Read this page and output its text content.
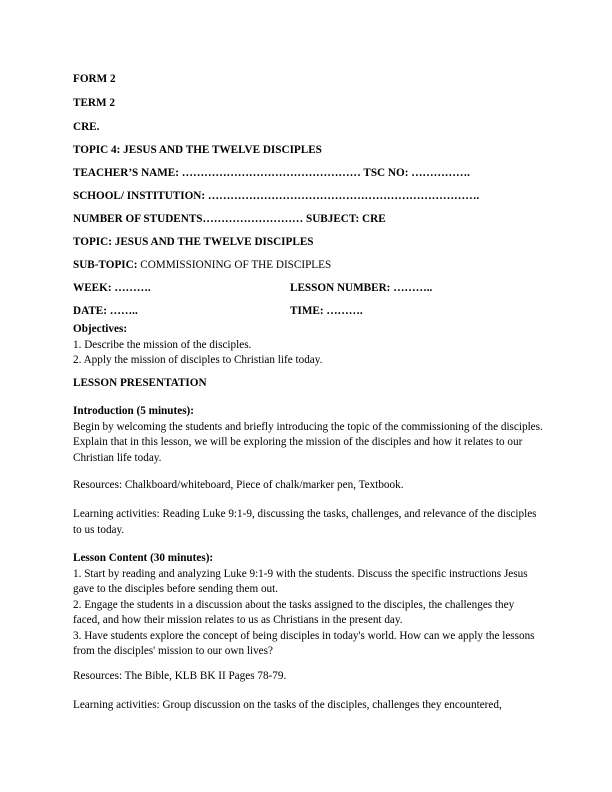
FORM 2
TERM 2
CRE.
TOPIC 4: JESUS AND THE TWELVE DISCIPLES
TEACHER’S NAME: ………………………………………… TSC NO: …………….
SCHOOL/ INSTITUTION: ……………………………………………………………….
NUMBER OF STUDENTS……………………… SUBJECT: CRE
TOPIC: JESUS AND THE TWELVE DISCIPLES
SUB-TOPIC: COMMISSIONING OF THE DISCIPLES
WEEK: ……….	LESSON NUMBER: ………..
DATE: ……..	TIME: ……….

Objectives:

1. Describe the mission of the disciples.

2. Apply the mission of disciples to Christian life today.

LESSON PRESENTATION

Introduction (5 minutes):

Begin by welcoming the students and briefly introducing the topic of the commissioning of the disciples. Explain that in this lesson, we will be exploring the mission of the disciples and how it relates to our Christian life today.

Resources: Chalkboard/whiteboard, Piece of chalk/marker pen, Textbook.
Learning activities: Reading Luke 9:1-9, discussing the tasks, challenges, and relevance of the disciples to us today.

Lesson Content (30 minutes):

1. Start by reading and analyzing Luke 9:1-9 with the students. Discuss the specific instructions Jesus gave to the disciples before sending them out.

2. Engage the students in a discussion about the tasks assigned to the disciples, the challenges they faced, and how their mission relates to us as Christians in the present day.

3. Have students explore the concept of being disciples in today's world. How can we apply the lessons from the disciples' mission to our own lives?

Resources: The Bible, KLB BK II Pages 78-79.
Learning activities: Group discussion on the tasks of the disciples, challenges they encountered,
